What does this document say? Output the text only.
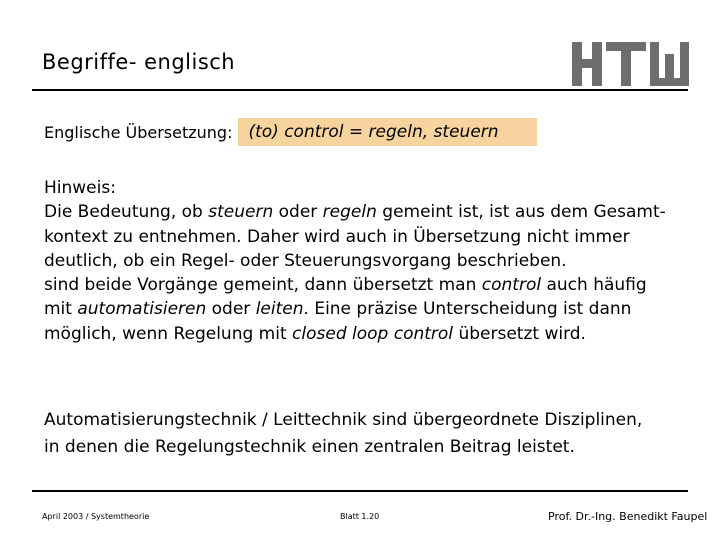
Begriffe- englisch
Englische Übersetzung: (to) control = regeln, steuern

Hinweis:

Die Bedeutung, ob steuern oder regeln gemeint ist, ist aus dem Gesamt-

kontext zu entnehmen. Daher wird auch in Übersetzung nicht immer

deutlich, ob ein Regel- oder Steuerungsvorgang beschrieben.

sind beide Vorgänge gemeint, dann übersetzt man control auch häufig

mit automatisieren oder leiten. Eine präzise Unterscheidung ist dann

möglich, wenn Regelung mit closed loop control übersetzt wird.

Automatisierungstechnik / Leittechnik sind übergeordnete Disziplinen,

in denen die Regelungstechnik einen zentralen Beitrag leistet.

April 2003 / Systemtheorie	Blatt 1.20	Prof. Dr.-Ing. Benedikt Faupel
